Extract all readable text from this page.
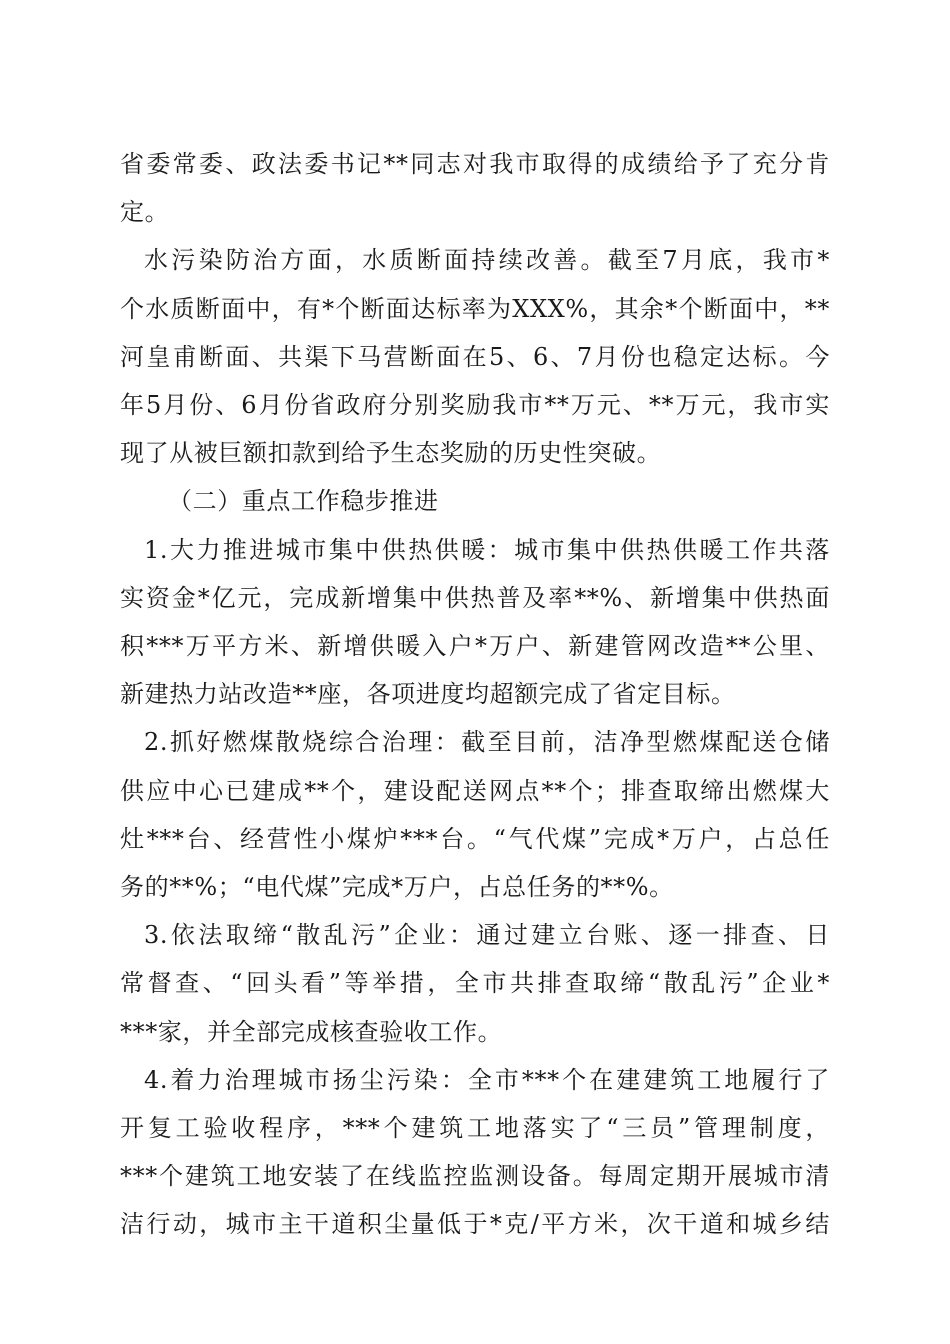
省委常委、政法委书记**同志对我市取得的成绩给予了充分肯
定。

水污染防治方面，水质断面持续改善。截至7月底，我市*
个水质断面中，有*个断面达标率为XXX%，其余*个断面中，**
河皇甫断面、共渠下马营断面在5、6、7月份也稳定达标。今
年5月份、6月份省政府分别奖励我市**万元、**万元，我市实
现了从被巨额扣款到给予生态奖励的历史性突破。

（二）重点工作稳步推进

1.大力推进城市集中供热供暖：城市集中供热供暖工作共落
实资金*亿元，完成新增集中供热普及率**%、新增集中供热面
积***万平方米、新增供暖入户*万户、新建管网改造**公里、
新建热力站改造**座，各项进度均超额完成了省定目标。

2.抓好燃煤散烧综合治理：截至目前，洁净型燃煤配送仓储
供应中心已建成**个，建设配送网点**个；排查取缔出燃煤大
灶***台、经营性小煤炉***台。“气代煤”完成*万户，占总任
务的**%；“电代煤”完成*万户，占总任务的**%。

3.依法取缔“散乱污”企业：通过建立台账、逐一排查、日
常督查、“回头看”等举措，全市共排查取缔“散乱污”企业*
***家，并全部完成核查验收工作。

4.着力治理城市扬尘污染：全市***个在建建筑工地履行了
开复工验收程序，***个建筑工地落实了“三员”管理制度，
***个建筑工地安装了在线监控监测设备。每周定期开展城市清
洁行动，城市主干道积尘量低于*克/平方米，次干道和城乡结
